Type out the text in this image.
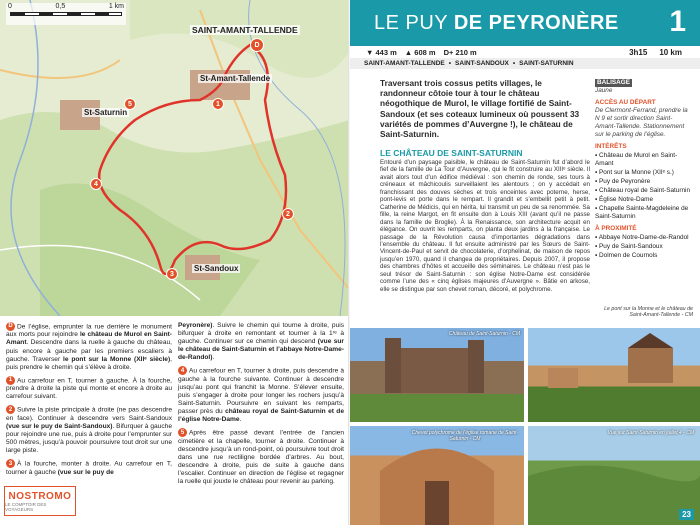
0	0,5	1 km
SAINT-AMANT-TALLENDE
St-Amant-Tallende
St-Saturnin
St-Sandoux
D
1
2
3
4
5

D De l’église, emprunter la rue derrière le monument aux morts pour rejoindre le château de Murol en Saint-Amant. Descendre dans la ruelle à gauche du château, puis encore à gauche par les premiers escaliers à gauche. Traverser le pont sur la Monne (XIIᵉ siècle), puis prendre le chemin qui s’élève à droite.

1 Au carrefour en T, tourner à gauche. À la fourche, prendre à droite la piste qui monte et encore à droite au carrefour suivant.

2 Suivre la piste principale à droite (ne pas descendre en face). Continuer à descendre vers Saint-Sandoux (vue sur le puy de Saint-Sandoux). Bifurquer à gauche pour rejoindre une rue, puis à droite pour l’emprunter sur 500 mètres, jusqu’à pouvoir poursuivre tout droit sur une large piste.

3 À la fourche, monter à droite. Au carrefour en T, tourner à gauche (vue sur le puy de

Peyronère). Suivre le chemin qui tourne à droite, puis bifurquer à droite en remontant et tourner à la 1ʳᵉ à gauche. Continuer sur ce chemin qui descend (vue sur le château de Saint-Saturnin et l’abbaye Notre-Dame-de-Randol).

4 Au carrefour en T, tourner à droite, puis descendre à gauche à la fourche suivante. Continuer à descendre jusqu’au pont qui franchit la Monne. S’élever ensuite, puis s’engager à droite pour longer les rochers jusqu’à Saint-Saturnin. Poursuivre en suivant les remparts, passer près du château royal de Saint-Saturnin et de l’église Notre-Dame.

5 Après être passé devant l’entrée de l’ancien cimetière et la chapelle, tourner à droite. Continuer à descendre jusqu’à un rond-point, où poursuivre tout droit dans une rue rectiligne bordée d’arbres. Au bout, descendre à droite, puis de suite à gauche dans l’escalier. Continuer en direction de l’église et regagner la ruelle qui jouxte le château pour revenir au parking.

NOSTROMO
LE COMPTOIR DES VOYAGEURS
LE PUY DE PEYRONÈRE 1
▼ 443 m ▲ 608 m D+ 210 m	3h15 10 km
SAINT-AMANT-TALLENDE • SAINT-SANDOUX • SAINT-SATURNIN

Traversant trois cossus petits villages, le randonneur côtoie tour à tour le château néogothique de Murol, le village fortifié de Saint-Sandoux (et ses coteaux lumineux où poussent 33 variétés de pommes d’Auvergne !), le château de Saint-Saturnin.

LE CHÂTEAU DE SAINT-SATURNIN

Entouré d’un paysage paisible, le château de Saint-Saturnin fut d’abord le fief de la famille de La Tour d’Auvergne, qui le fit construire au XIIIᵉ siècle. Il avait alors tout d’un édifice médiéval : son chemin de ronde, ses tours à créneaux et mâchicoulis surveillaient les alentours ; on y accédait en franchissant des douves sèches et trois enceintes avec poterne, herse, pont-levis et porte dans le rempart. Il grandit et s’embellit petit à petit. Catherine de Médicis, qui en hérita, lui transmit un peu de sa renommée. Sa fille, la reine Margot, en fit ensuite don à Louis XIII (avant qu’il ne passe dans la famille de Broglie). À la Renaissance, son architecture acquit en élégance. On ouvrit les remparts, on planta deux jardins à la française. Le passage de la Révolution causa d’importantes dégradations dans l’ensemble du château. Il fut ensuite administré par les Sœurs de Saint-Vincent-de-Paul et servit de chocolaterie, d’orphelinat, de maison de repos jusqu’en 1970, quand il changea de propriétaires. Depuis 2007, il propose des chambres d’hôtes et accueille des séminaires. Le château n’est pas le seul trésor de Saint-Saturnin : son église Notre-Dame est considérée comme l’une des « cinq églises majeures d’Auvergne ». Bâtie en arkose, elle se distingue par son chevet roman, décoré, et polychrome.

BALISAGE
Jaune
ACCÈS AU DÉPART
De Clermont-Ferrand, prendre la N 9 et sortir direction Saint-Amant-Tallende. Stationnement sur le parking de l’église.
INTÉRÊTS
▪ Château de Murol en Saint-Amant
▪ Pont sur la Monne (XIIᵉ s.)
▪ Puy de Peyronère
▪ Château royal de Saint-Saturnin
▪ Église Notre-Dame
▪ Chapelle Sainte-Magdeleine de Saint-Saturnin
À PROXIMITÉ
▪ Abbaye Notre-Dame-de-Randol
▪ Puy de Saint-Sandoux
▪ Dolmen de Cournols
Le pont sur la Monne et le château de Saint-Amant-Tallende - CM
Château de Saint-Saturnin - CM
Chevet polychrome de l’église romane de Saint-Saturnin - CM
Vue sur Saint-Saturnin en juillet 4 - CM
23
